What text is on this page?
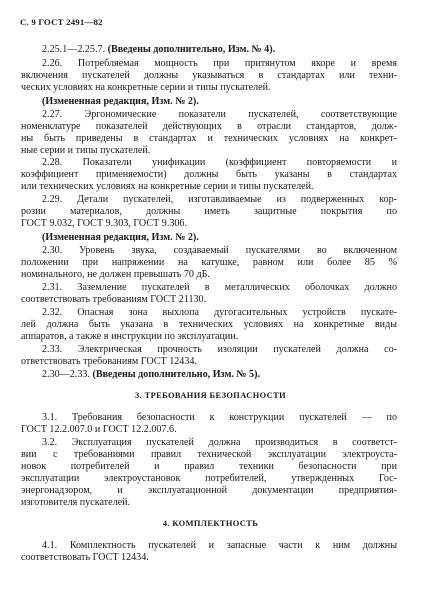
С. 9 ГОСТ 2491—82
2.25.1—2.25.7. (Введены дополнительно, Изм. № 4).
2.26. Потребляемая мощность при притянутом якоре и время
включения пускателей должны указываться в стандартах или техни-
ческих условиях на конкретные серии и типы пускателей.
(Измененная редакция, Изм. № 2).
2.27. Эргономические показатели пускателей, соответствующие
номенклатуре показателей действующих в отрасли стандартов, долж-
ны быть приведены в стандартах и технических условиях на конкрет-
ные серии и типы пускателей.
2.28. Показатели унификации (коэффициент повторяемости и
коэффициент применяемости) должны быть указаны в стандартах
или технических условиях на конкретные серии и типы пускателей.
2.29. Детали пускателей, изготавливаемые из подверженных кор-
розии материалов, должны иметь защитные покрытия по
ГОСТ 9.032, ГОСТ 9.303, ГОСТ 9.306.
(Измененная редакция, Изм. № 2).
2.30. Уровень звука, создаваемый пускателями во включенном
положении при напряжении на катушке, равном или более 85 %
номинального, не должен превышать 70 дБ.
2.31. Заземление пускателей в металлических оболочках должно
соответствовать требованиям ГОСТ 21130.
2.32. Опасная зона выхлопа дугогасительных устройств пускате-
лей должна быть указана в технических условиях на конкретные виды
аппаратов, а также в инструкции по эксплуатации.
2.33. Электрическая прочность изоляции пускателей должна со-
ответствовать требованиям ГОСТ 12434.
2.30—2.33. (Введены дополнительно, Изм. № 5).
3. ТРЕБОВАНИЯ БЕЗОПАСНОСТИ
3.1. Требования безопасности к конструкции пускателей — по
ГОСТ 12.2.007.0 и ГОСТ 12.2.007.6.
3.2. Эксплуатация пускателей должна производиться в соответст-
вии с требованиями правил технической эксплуатации электроуста-
новок потребителей и правил техники безопасности при
эксплуатации электроустановок потребителей, утвержденных Гос-
энергонадзором, и эксплуатационной документации предприятия-
изготовителя пускателей.
4. КОМПЛЕКТНОСТЬ
4.1. Комплектность пускателей и запасные части к ним должны
соответствовать ГОСТ 12434.
